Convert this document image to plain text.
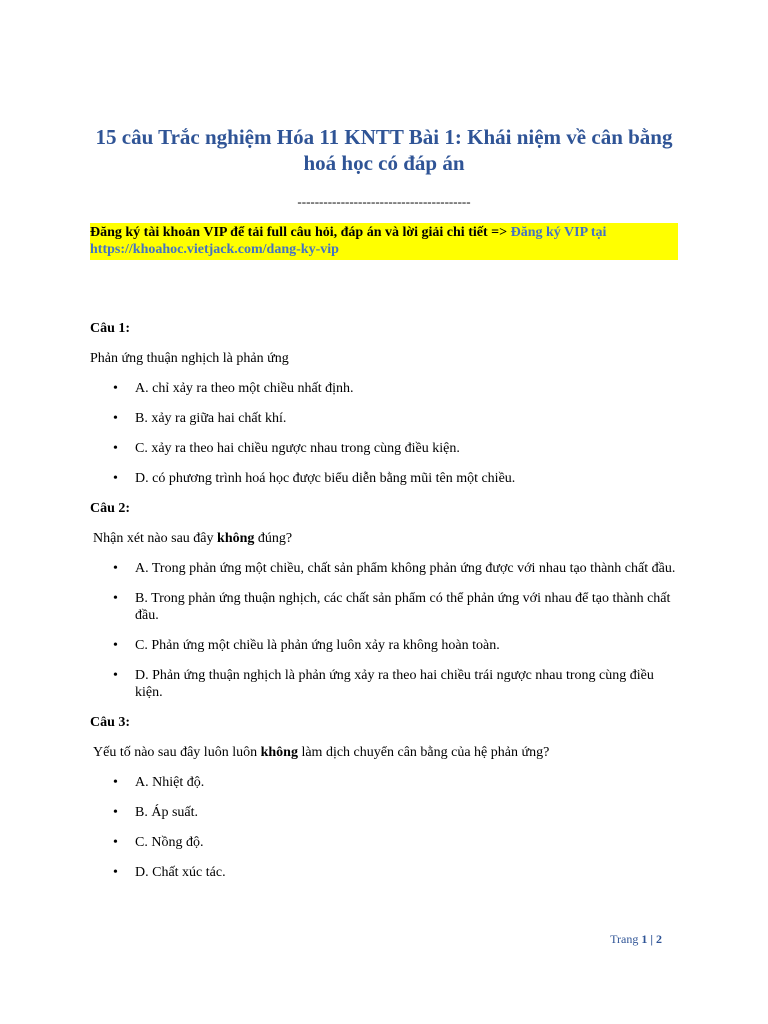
15 câu Trắc nghiệm Hóa 11 KNTT Bài 1: Khái niệm về cân bằng hoá học có đáp án
----------------------------------------
Đăng ký tài khoản VIP để tải full câu hỏi, đáp án và lời giải chi tiết => Đăng ký VIP tại https://khoahoc.vietjack.com/dang-ky-vip

Câu 1:

Phản ứng thuận nghịch là phản ứng

• A. chỉ xảy ra theo một chiều nhất định.
• B. xảy ra giữa hai chất khí.
• C. xảy ra theo hai chiều ngược nhau trong cùng điều kiện.
• D. có phương trình hoá học được biểu diễn bằng mũi tên một chiều.

Câu 2:

Nhận xét nào sau đây không đúng?

• A. Trong phản ứng một chiều, chất sản phẩm không phản ứng được với nhau tạo thành chất đầu.
• B. Trong phản ứng thuận nghịch, các chất sản phẩm có thể phản ứng với nhau để tạo thành chất đầu.
• C. Phản ứng một chiều là phản ứng luôn xảy ra không hoàn toàn.
• D. Phản ứng thuận nghịch là phản ứng xảy ra theo hai chiều trái ngược nhau trong cùng điều kiện.

Câu 3:

Yếu tố nào sau đây luôn luôn không làm dịch chuyển cân bằng của hệ phản ứng?

• A. Nhiệt độ.
• B. Áp suất.
• C. Nồng độ.
• D. Chất xúc tác.
Trang 1 | 2
